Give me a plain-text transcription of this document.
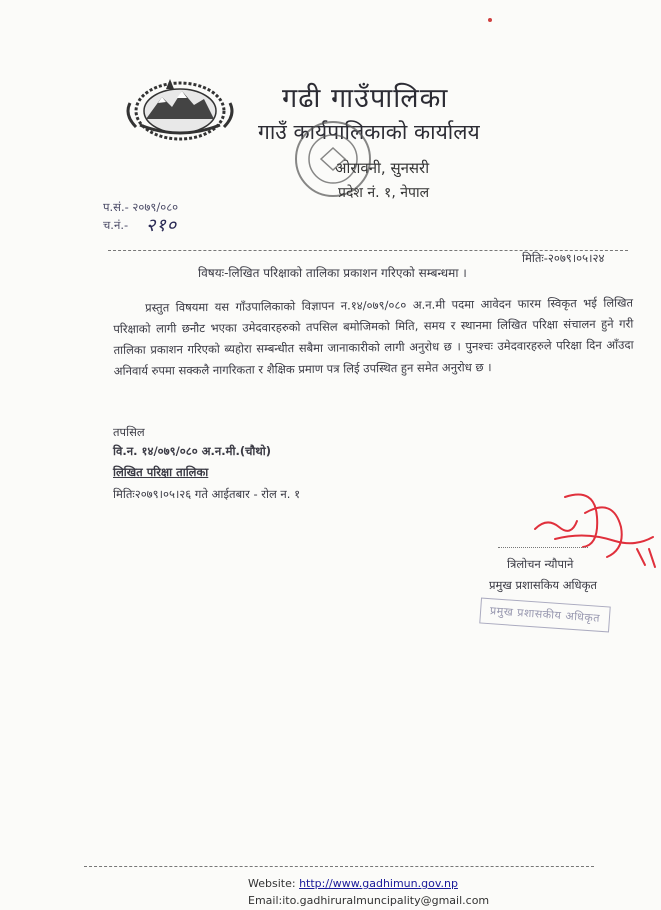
गढी गाउँपालिका
गाउँ कार्यपालिकाको कार्यालय
ओरावनी, सुनसरी
प्रदेश नं. १, नेपाल
प.सं.- २०७९/०८०
च.नं.- २१०
मितिः-२०७९।०५।२४
विषयः-लिखित परिक्षाको तालिका प्रकाशन गरिएको सम्बन्धमा ।
प्रस्तुत विषयमा यस गाँउपालिकाको विज्ञापन न.१४/०७९/०८० अ.न.मी पदमा आवेदन फारम स्विकृत भई लिखित परिक्षाको लागी छनौट भएका उमेदवारहरुको तपसिल बमोजिमको मिति, समय र स्थानमा लिखित परिक्षा संचालन हुने गरी तालिका प्रकाशन गरिएको ब्यहोरा सम्बन्धीत सबैमा जानाकारीको लागी अनुरोध छ । पुनश्चः उमेदवारहरुले परिक्षा दिन आँउदा अनिवार्य रुपमा सक्कलै नागरिकता र शैक्षिक प्रमाण पत्र लिई उपस्थित हुन समेत अनुरोध छ ।
तपसिल
वि.न. १४/०७९/०८० अ.न.मी.(चौथो)
लिखित परिक्षा तालिका
मितिः२०७९।०५।२६ गते आईतबार - रोल न. १
त्रिलोचन न्यौपाने
प्रमुख प्रशासकिय अधिकृत
प्रमुख प्रशासकीय अधिकृत
Website: http://www.gadhimun.gov.np
Email:ito.gadhiruralmuncipality@gmail.com
